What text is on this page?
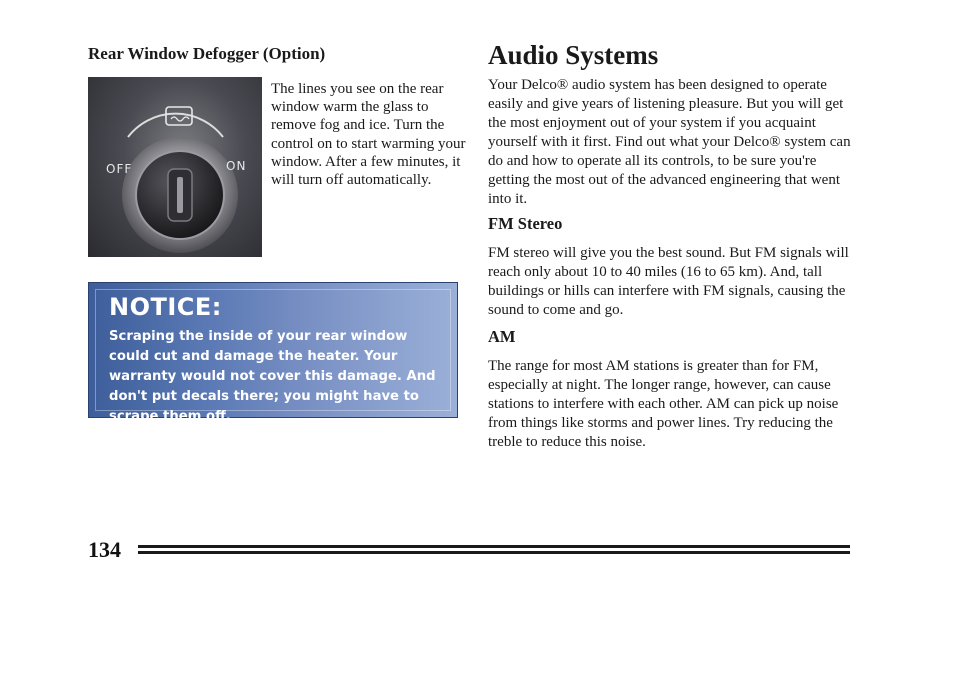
Rear Window Defogger (Option)
OFF	ON
The lines you see on the rear window warm the glass to remove fog and ice. Turn the control on to start warming your window. After a few minutes, it will turn off automatically.
NOTICE:
Scraping the inside of your rear window could cut and damage the heater. Your warranty would not cover this damage. And don't put decals there; you might have to scrape them off.
Audio Systems
Your Delco® audio system has been designed to operate easily and give years of listening pleasure. But you will get the most enjoyment out of your system if you acquaint yourself with it first. Find out what your Delco® system can do and how to operate all its controls, to be sure you're getting the most out of the advanced engineering that went into it.
FM Stereo
FM stereo will give you the best sound. But FM signals will reach only about 10 to 40 miles (16 to 65 km). And, tall buildings or hills can interfere with FM signals, causing the sound to come and go.
AM
The range for most AM stations is greater than for FM, especially at night. The longer range, however, can cause stations to interfere with each other. AM can pick up noise from things like storms and power lines. Try reducing the treble to reduce this noise.
134
